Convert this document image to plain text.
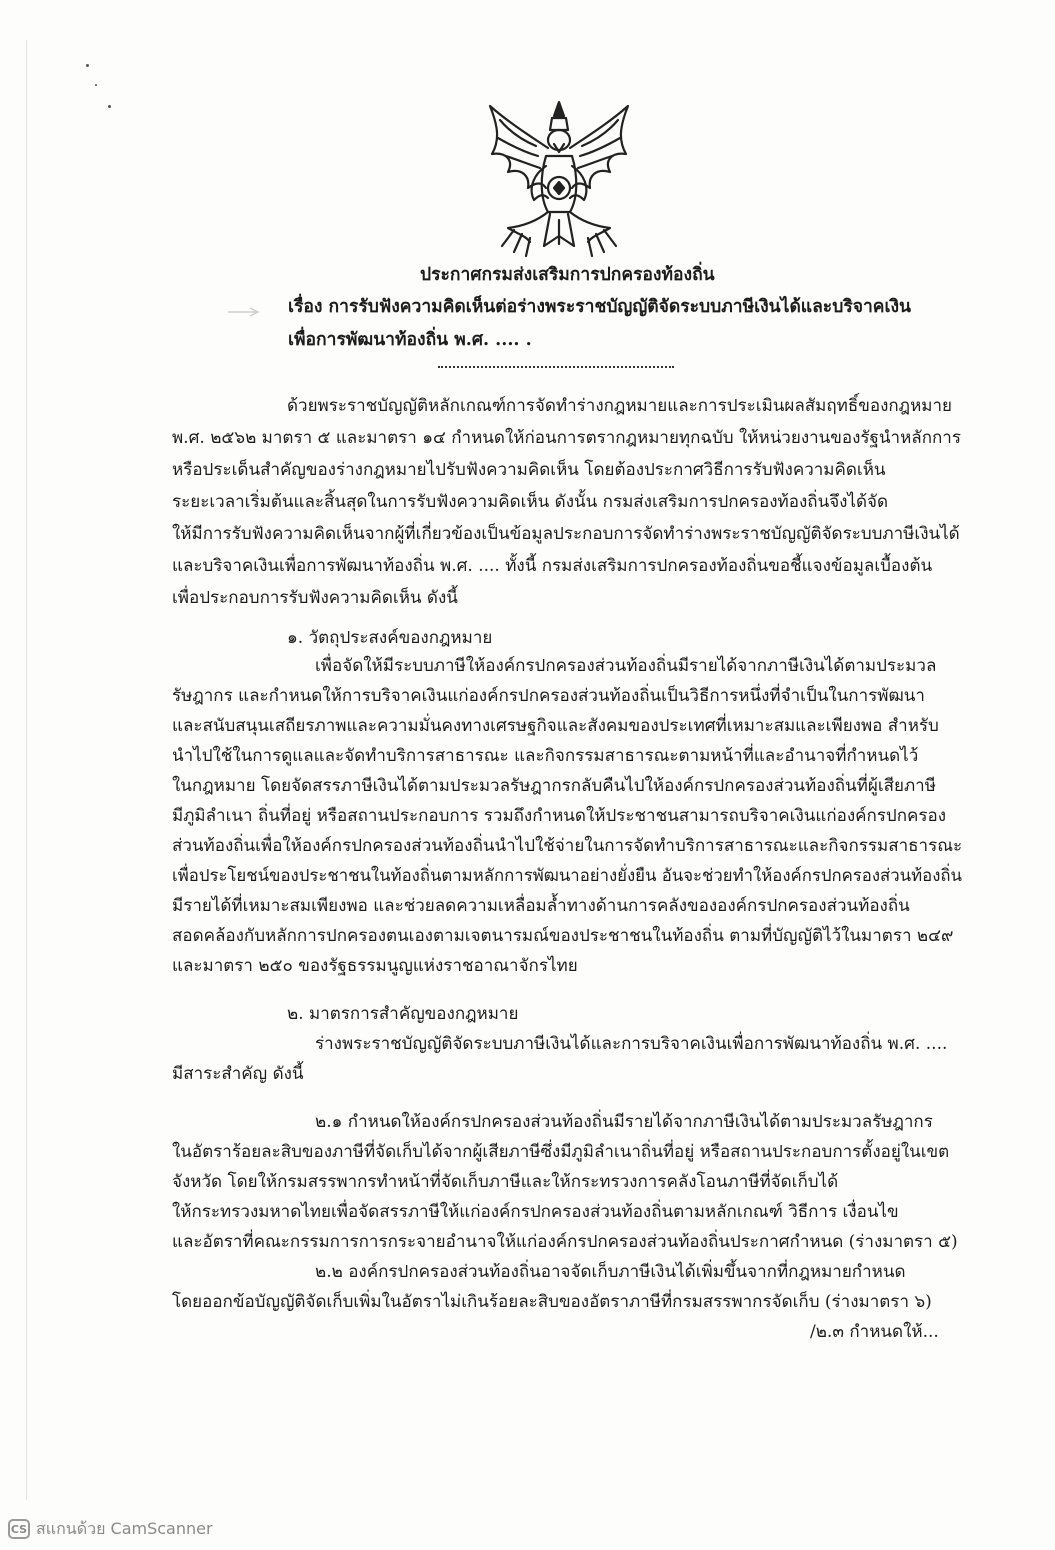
ประกาศกรมส่งเสริมการปกครองท้องถิ่น
เรื่อง การรับฟังความคิดเห็นต่อร่างพระราชบัญญัติจัดระบบภาษีเงินได้และบริจาคเงิน
เพื่อการพัฒนาท้องถิ่น พ.ศ. .... .
ด้วยพระราชบัญญัติหลักเกณฑ์การจัดทำร่างกฎหมายและการประเมินผลสัมฤทธิ์ของกฎหมาย
พ.ศ. ๒๕๖๒ มาตรา ๕ และมาตรา ๑๔ กำหนดให้ก่อนการตรากฎหมายทุกฉบับ ให้หน่วยงานของรัฐนำหลักการ
หรือประเด็นสำคัญของร่างกฎหมายไปรับฟังความคิดเห็น โดยต้องประกาศวิธีการรับฟังความคิดเห็น
ระยะเวลาเริ่มต้นและสิ้นสุดในการรับฟังความคิดเห็น ดังนั้น กรมส่งเสริมการปกครองท้องถิ่นจึงได้จัด
ให้มีการรับฟังความคิดเห็นจากผู้ที่เกี่ยวข้องเป็นข้อมูลประกอบการจัดทำร่างพระราชบัญญัติจัดระบบภาษีเงินได้
และบริจาคเงินเพื่อการพัฒนาท้องถิ่น พ.ศ. .... ทั้งนี้ กรมส่งเสริมการปกครองท้องถิ่นขอชี้แจงข้อมูลเบื้องต้น
เพื่อประกอบการรับฟังความคิดเห็น ดังนี้
๑. วัตถุประสงค์ของกฎหมาย
เพื่อจัดให้มีระบบภาษีให้องค์กรปกครองส่วนท้องถิ่นมีรายได้จากภาษีเงินได้ตามประมวล
รัษฎากร และกำหนดให้การบริจาคเงินแก่องค์กรปกครองส่วนท้องถิ่นเป็นวิธีการหนึ่งที่จำเป็นในการพัฒนา
และสนับสนุนเสถียรภาพและความมั่นคงทางเศรษฐกิจและสังคมของประเทศที่เหมาะสมและเพียงพอ สำหรับ
นำไปใช้ในการดูแลและจัดทำบริการสาธารณะ และกิจกรรมสาธารณะตามหน้าที่และอำนาจที่กำหนดไว้
ในกฎหมาย โดยจัดสรรภาษีเงินได้ตามประมวลรัษฎากรกลับคืนไปให้องค์กรปกครองส่วนท้องถิ่นที่ผู้เสียภาษี
มีภูมิลำเนา ถิ่นที่อยู่ หรือสถานประกอบการ รวมถึงกำหนดให้ประชาชนสามารถบริจาคเงินแก่องค์กรปกครอง
ส่วนท้องถิ่นเพื่อให้องค์กรปกครองส่วนท้องถิ่นนำไปใช้จ่ายในการจัดทำบริการสาธารณะและกิจกรรมสาธารณะ
เพื่อประโยชน์ของประชาชนในท้องถิ่นตามหลักการพัฒนาอย่างยั่งยืน อันจะช่วยทำให้องค์กรปกครองส่วนท้องถิ่น
มีรายได้ที่เหมาะสมเพียงพอ และช่วยลดความเหลื่อมล้ำทางด้านการคลังขององค์กรปกครองส่วนท้องถิ่น
สอดคล้องกับหลักการปกครองตนเองตามเจตนารมณ์ของประชาชนในท้องถิ่น ตามที่บัญญัติไว้ในมาตรา ๒๔๙
และมาตรา ๒๕๐ ของรัฐธรรมนูญแห่งราชอาณาจักรไทย
๒. มาตรการสำคัญของกฎหมาย
ร่างพระราชบัญญัติจัดระบบภาษีเงินได้และการบริจาคเงินเพื่อการพัฒนาท้องถิ่น พ.ศ. ....
มีสาระสำคัญ ดังนี้
๒.๑ กำหนดให้องค์กรปกครองส่วนท้องถิ่นมีรายได้จากภาษีเงินได้ตามประมวลรัษฎากร
ในอัตราร้อยละสิบของภาษีที่จัดเก็บได้จากผู้เสียภาษีซึ่งมีภูมิลำเนาถิ่นที่อยู่ หรือสถานประกอบการตั้งอยู่ในเขต
จังหวัด โดยให้กรมสรรพากรทำหน้าที่จัดเก็บภาษีและให้กระทรวงการคลังโอนภาษีที่จัดเก็บได้
ให้กระทรวงมหาดไทยเพื่อจัดสรรภาษีให้แก่องค์กรปกครองส่วนท้องถิ่นตามหลักเกณฑ์ วิธีการ เงื่อนไข
และอัตราที่คณะกรรมการการกระจายอำนาจให้แก่องค์กรปกครองส่วนท้องถิ่นประกาศกำหนด (ร่างมาตรา ๕)
๒.๒ องค์กรปกครองส่วนท้องถิ่นอาจจัดเก็บภาษีเงินได้เพิ่มขึ้นจากที่กฎหมายกำหนด
โดยออกข้อบัญญัติจัดเก็บเพิ่มในอัตราไม่เกินร้อยละสิบของอัตราภาษีที่กรมสรรพากรจัดเก็บ (ร่างมาตรา ๖)
/๒.๓ กำหนดให้...
CS สแกนด้วย CamScanner
